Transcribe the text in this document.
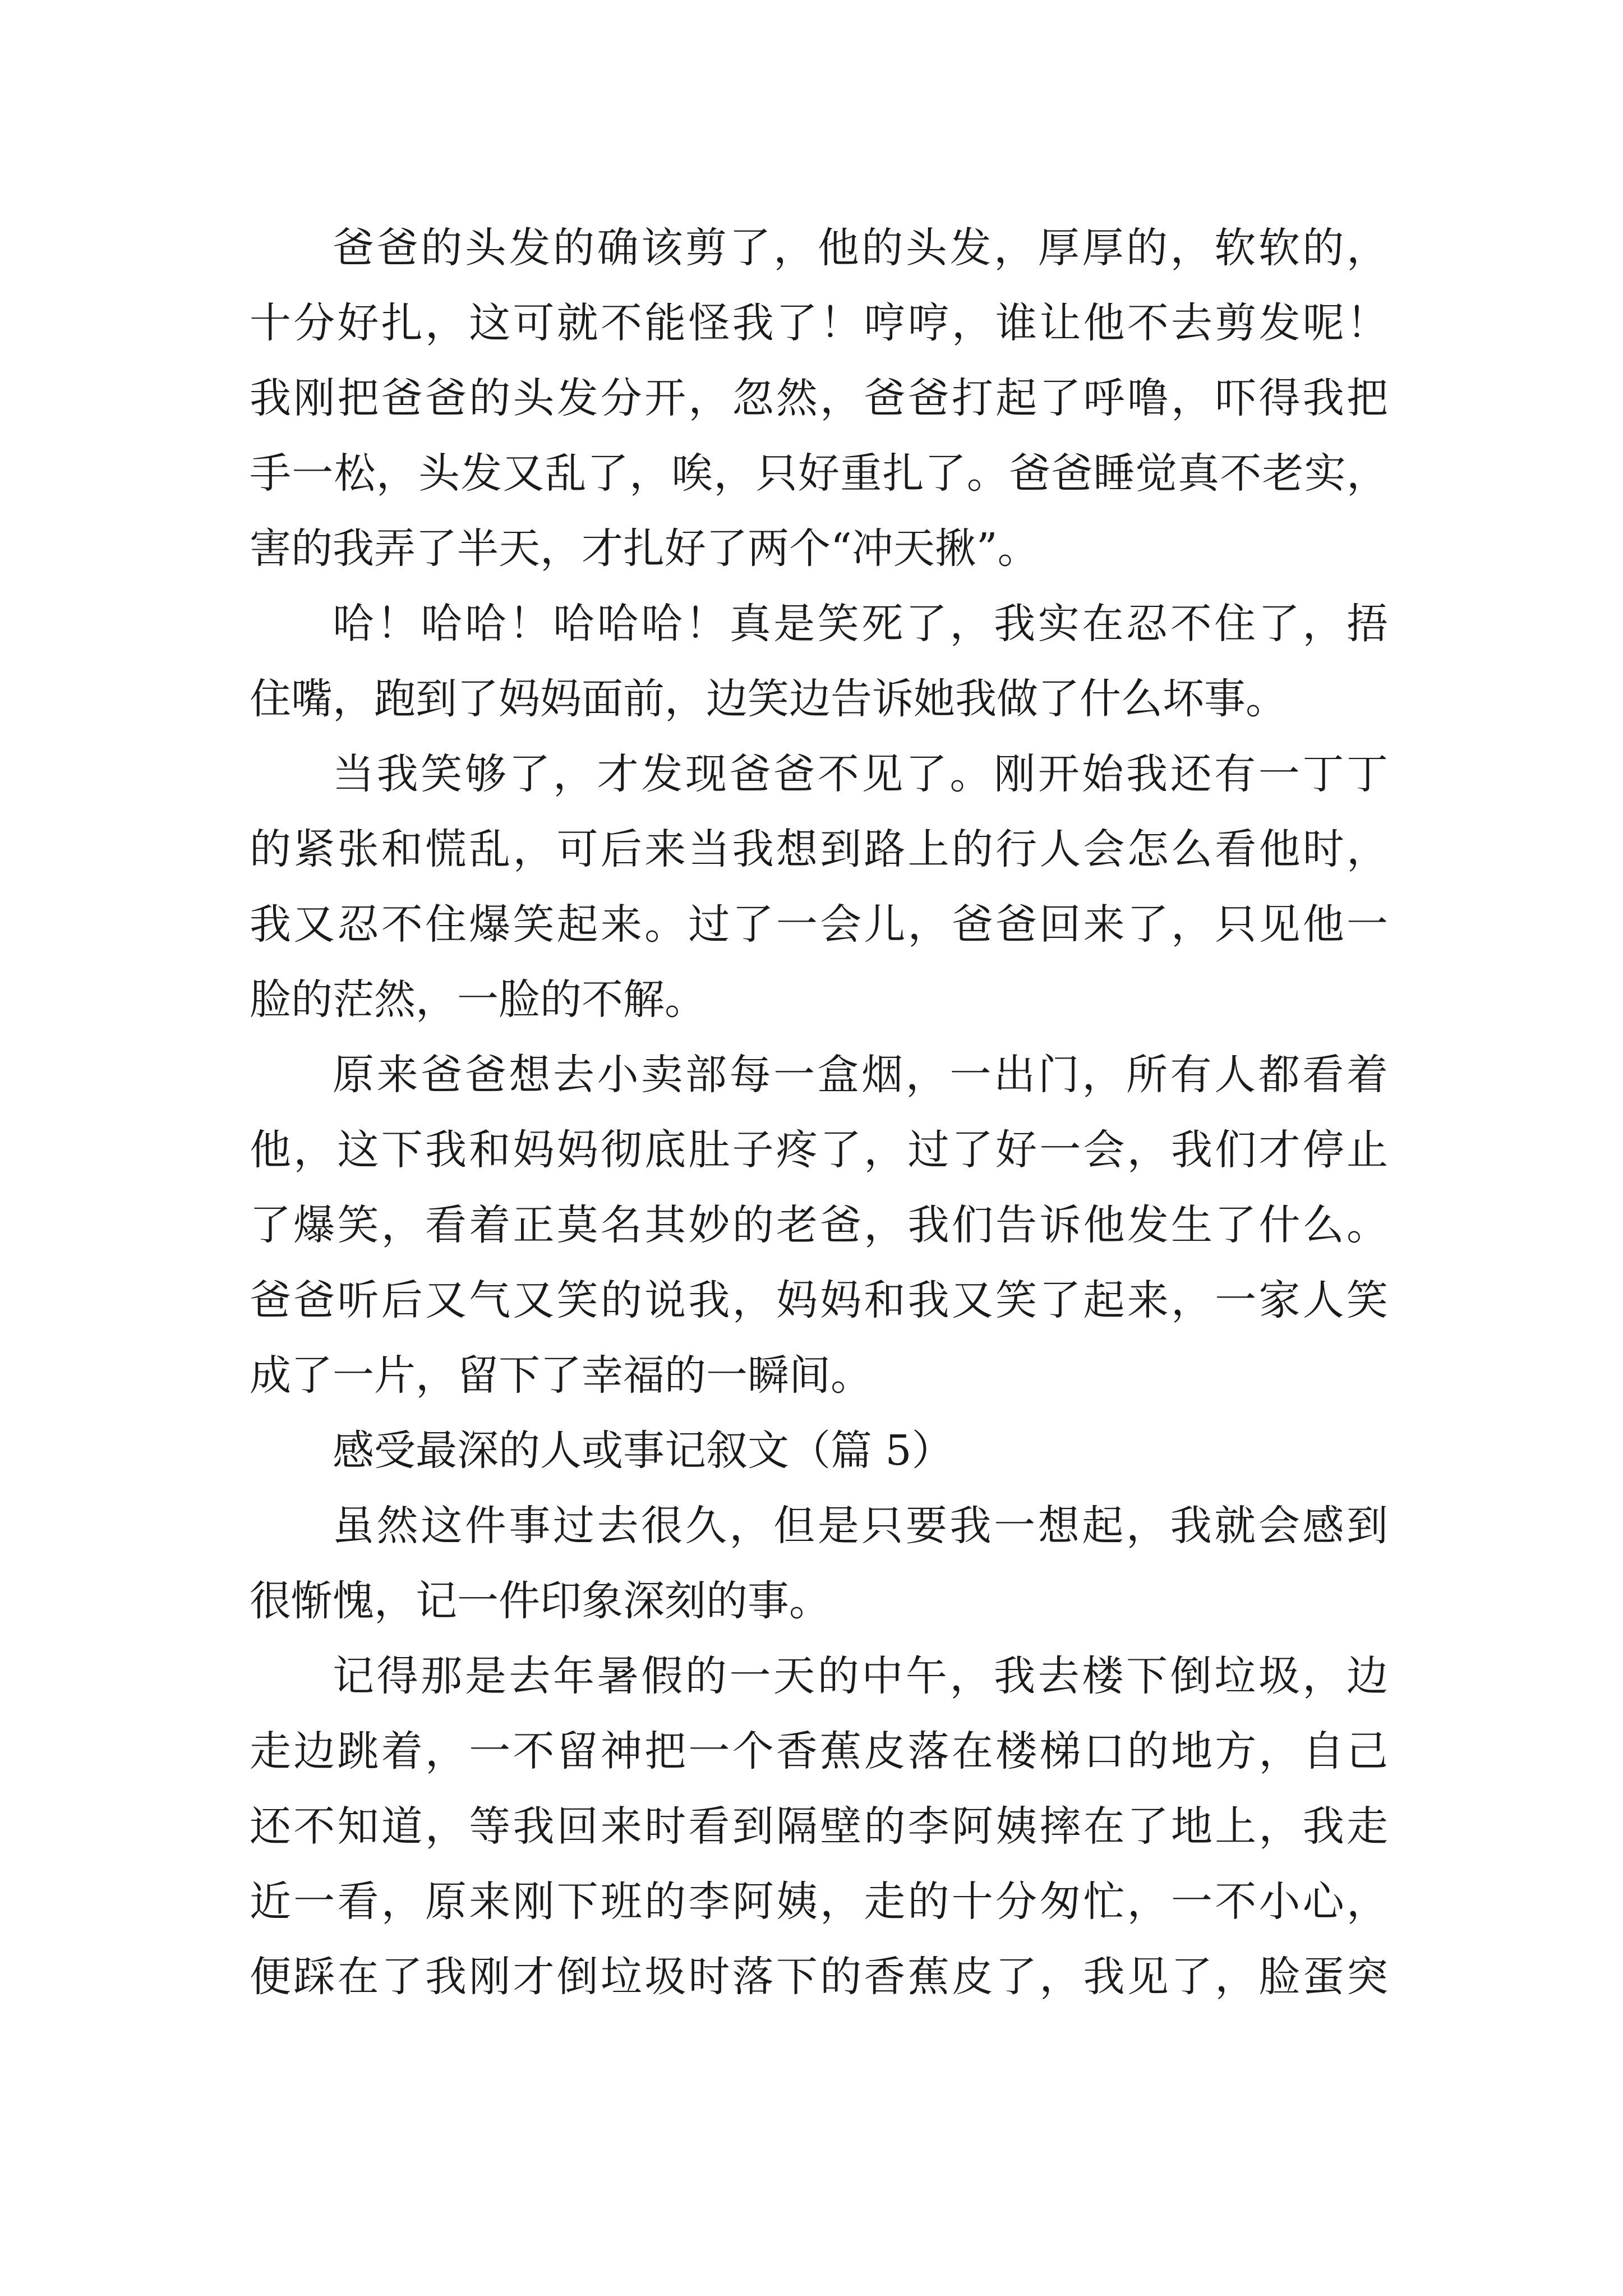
爸爸的头发的确该剪了，他的头发，厚厚的，软软的，
十分好扎，这可就不能怪我了！哼哼，谁让他不去剪发呢！
我刚把爸爸的头发分开，忽然，爸爸打起了呼噜，吓得我把
手一松，头发又乱了，唉，只好重扎了。爸爸睡觉真不老实，
害的我弄了半天，才扎好了两个“冲天揪”。
哈！哈哈！哈哈哈！真是笑死了，我实在忍不住了，捂
住嘴，跑到了妈妈面前，边笑边告诉她我做了什么坏事。
当我笑够了，才发现爸爸不见了。刚开始我还有一丁丁
的紧张和慌乱，可后来当我想到路上的行人会怎么看他时，
我又忍不住爆笑起来。过了一会儿，爸爸回来了，只见他一
脸的茫然，一脸的不解。
原来爸爸想去小卖部每一盒烟，一出门，所有人都看着
他，这下我和妈妈彻底肚子疼了，过了好一会，我们才停止
了爆笑，看着正莫名其妙的老爸，我们告诉他发生了什么。
爸爸听后又气又笑的说我，妈妈和我又笑了起来，一家人笑
成了一片，留下了幸福的一瞬间。
感受最深的人或事记叙文（篇 5）
虽然这件事过去很久，但是只要我一想起，我就会感到
很惭愧，记一件印象深刻的事。
记得那是去年暑假的一天的中午，我去楼下倒垃圾，边
走边跳着，一不留神把一个香蕉皮落在楼梯口的地方，自己
还不知道，等我回来时看到隔壁的李阿姨摔在了地上，我走
近一看，原来刚下班的李阿姨，走的十分匆忙，一不小心，
便踩在了我刚才倒垃圾时落下的香蕉皮了，我见了，脸蛋突
